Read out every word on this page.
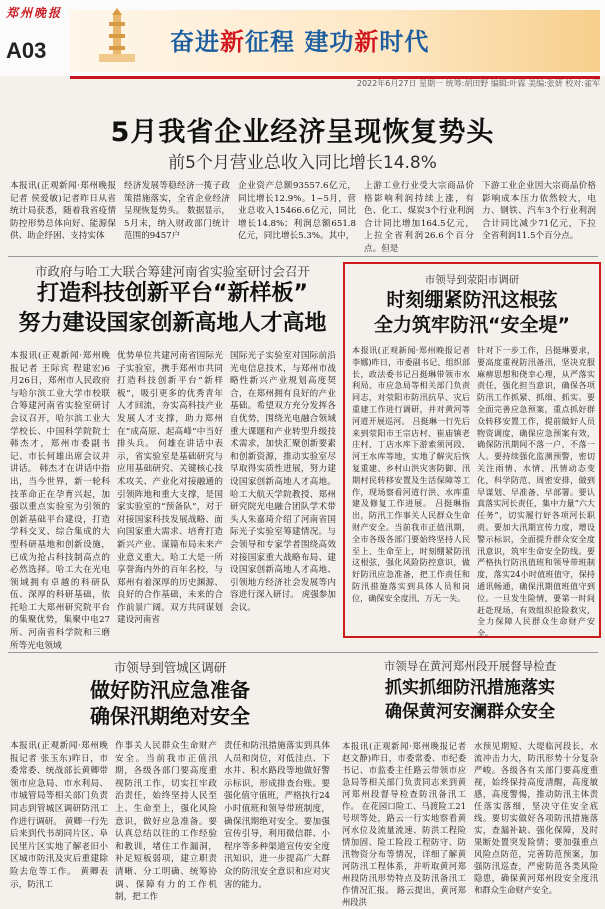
郑州晚报
A03	奋进新征程 建功新时代
2022年6月27日 星期一 统筹:胡田野 编辑:叶霖 美编:张妍 校对:雀军
5月我省企业经济呈现恢复势头
前5个月营业总收入同比增长14.8%
本报讯(正观新闻·郑州晚报记者 侯爱敏)记者昨日从省统计局获悉，随着我省疫情防控形势总体向好、能源保供、助企纾困、支持实体
经济发展等稳经济一揽子政策措施落实，全省企业经济呈现恢复势头。 数据显示，5月末，纳入财政部门统计范围的9457户
企业资产总额93557.6亿元，同比增长12.9%。1~5月，营业总收入15466.6亿元，同比增长14.8%；利润总额651.8亿元，同比增长5.3%。其中，
上游工业行业受大宗商品价格影响利润持续上涨，有色、化工、煤炭3个行业利润合计同比增加164.5亿元，上拉全省利润26.6个百分点。但是
下游工业企业因大宗商品价格影响成本压力依然较大，电力、钢铁、汽车3个行业利润合计同比减少71亿元，下拉全省利润11.5个百分点。
市政府与哈工大联合筹建河南省实验室研讨会召开
打造科技创新平台“新样板”
努力建设国家创新高地人才高地
本报讯(正观新闻·郑州晚报记者 王际宾 程建宏)6月26日，郑州市人民政府与哈尔滨工业大学市校联合筹建河南省实验室研讨会议召开，哈尔滨工业大学校长、中国科学院院士韩杰才，郑州市委副书记、市长何雄出席会议并讲话。 韩杰才在讲话中指出，当今世界，新一轮科技革命正在孕育兴起，加强以重点实验室为引领的创新基础平台建设，打造学科交叉、综合集成的大型科研基地和创新设施，已成为抢占科技制高点的必然选择。哈工大在光电领域拥有卓越的科研队伍、深厚的科研基础，依托哈工大郑州研究院平台的集聚优势，集聚中电27所、河南省科学院和三磨所等光电领域
优势单位共建河南省国际光子实验室，携手郑州市共同打造科技创新平台“新样板”，吸引更多的优秀青年人才回流，夯实高科技产业发展人才支撑，助力郑州在“成高原、起高峰”中当好排头兵。 何雄在讲话中表示，省实验室是基础研究与应用基础研究、关键核心技术攻关、产业化对接融通的引领阵地和重大支撑，是国家实验室的“预备队”，对于对接国家科技发展战略、面向国家重大需求、培育打造新兴产业、谋篇布局未来产业意义重大。哈工大是一所享誉海内外的百年名校，与郑州有着深厚的历史渊源、良好的合作基础，未来的合作前景广阔。双方共同谋划建设河南省
国际光子实验室对国际前沿光电信息技术，与郑州市战略性新兴产业规划高度契合，在郑州拥有良好的产业基础。希望双方充分发挥各自优势，围绕光电融合领域重大课题和产业转型升级技术需求，加快汇聚创新要素和创新资源，推动实验室尽早取得实质性进展，努力建设国家创新高地人才高地。 哈工大航天学院教授、郑州研究院光电融合团队学术带头人朱嘉琦介绍了河南省国际光子实验室筹建情况。与会领导和专家学者围绕高效对接国家重大战略布局、建设国家创新高地人才高地、引领地方经济社会发展等内容进行深入研讨。 虎强参加会议。
市领导到荥阳市调研
时刻绷紧防汛这根弦
全力筑牢防汛“安全堤”
本报讯(正观新闻·郑州晚报记者 李娜)昨日，市委副书记、组织部长，政法委书记吕挺琳带领市水利局、市应急局等相关部门负责同志，对荥阳市防汛抗旱、灾后重建工作进行调研，并对黄河等河道开展巡河。 吕挺琳一行先后来到荥阳市王宗店村、崔庙镇老庄村、丁店水库下游索须河段、河王水库等地，实地了解灾后恢复重建、乡村山洪灾害防御、汛期村民转移安置及生活保障等工作，现场察看河道行洪、水库重建及修复工作进展。 吕挺琳指出，防汛工作事关人民群众生命财产安全。当前我市正值汛期，全市各级各部门要始终坚持人民至上、生命至上，时刻绷紧防汛这根弦，强化风险防控意识，做好防汛应急准备，把工作责任和防汛措施落实到具体人员和岗位，确保安全度汛、万无一失。
针对下一步工作，吕挺琳要求，要高度重视防汛备汛，坚决克服麻痹思想和侥幸心理，从严落实责任，强化担当意识，确保各项防汛工作抓紧、抓细、抓实。要全面完善应急预案，重点抓好群众转移安置工作，提前做好人员物资调度，确保应急预案有效，确保防汛期间不落一户、不落一人。要持续强化监测预警，密切关注雨情、水情、汛情动态变化，科学防范、周密安排，做到早谋划、早准备、早部署。要认真落实河长责任，集中力量“六大任务”，切实履行好各项河长职责。要加大汛期宣传力度，增设警示标识，全面提升群众安全度汛意识，筑牢生命安全防线。要严格执行防汛值班和领导带班制度，落实24小时值班值守，保持通讯畅通，确保汛期值班值守到位。一旦发生险情，要第一时间赶赴现场，有效组织抢险救灾，全力保障人民群众生命财产安全。
市领导到管城区调研
做好防汛应急准备
确保汛期绝对安全
本报讯(正观新闻·郑州晚报记者 张玉东)昨日，市委常委、统战部长黄卿带领市应急局、市水利局、市城管局等相关部门负责同志到管城区调研防汛工作进行调研。 黄卿一行先后来到代书胡同片区、阜民里片区实地了解老旧小区城市防汛及灾后重建除险去危等工作。 黄卿表示，防汛工
作事关人民群众生命财产安全。当前我市正值汛期，各级各部门要高度重视防汛工作，切实扛牢政治责任，始终坚持人民至上、生命至上，强化风险意识，做好应急准备。要认真总结以往的工作经验和教训，堵住工作漏洞，补足短板弱项，建立职责清晰、分工明确、统筹协调、保障有力的工作机制，把工作
责任和防汛措施落实到具体人员和岗位，对低洼点、下水井、积水路段等地做好警示标识，形成排查台账。要强化值守值班，严格执行24小时值班和领导带班制度，确保汛期绝对安全。要加强宣传引导，利用微信群、小程序等多种渠道宣传安全度汛知识，进一步提高广大群众的防汛安全意识和应对灾害的能力。
市领导在黄河郑州段开展督导检查
抓实抓细防汛措施落实
确保黄河安澜群众安全
本报讯(正观新闻·郑州晚报记者 赵文静)昨日，市委常委、市纪委书记、市监委主任路云带领市应急局等相关部门负责同志来到黄河郑州段督导检查防汛备汛工作。 在花园口险工、马渡险工21号坝等处，路云一行实地察看黄河水位及流量流速、防洪工程险情加固、险工险段工程防守、防汛物资分布等情况，详细了解黄河防汛工程体系，并听取黄河郑州段防汛形势特点及防汛备汛工作情况汇报。 路云提出，黄河郑州段洪
水预见期短、大堤临河段长，水流冲击力大，防汛形势十分复杂严峻。各级各有关部门要高度重视，始终保持高度清醒，高度敏感，高度警惕，推动防汛主体责任落实落细，坚决守住安全底线。要切实做好各项防汛措施落实，查漏补缺、强化保障，及时果断处置突发险情；要加强重点风险点防范，完善防范预案，加强防汛巡查，严密防范各类风险隐患，确保黄河郑州段安全度汛和群众生命财产安全。
